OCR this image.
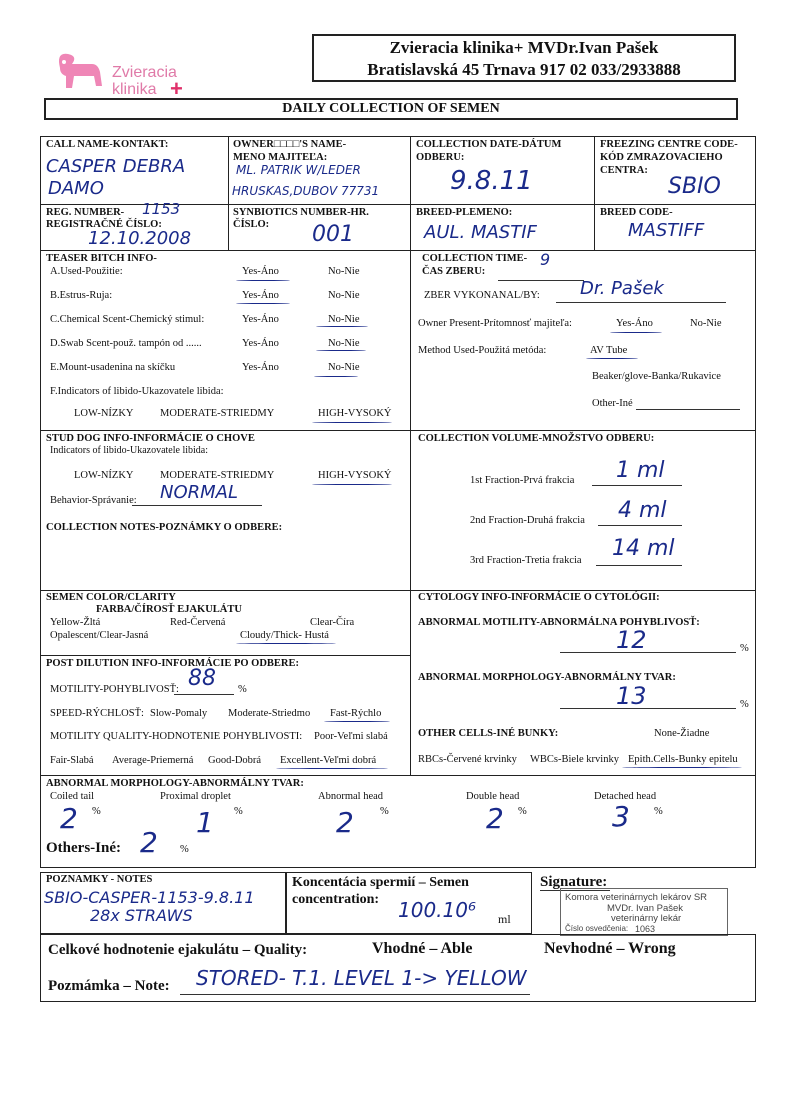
Zvieracia
klinika +
Zvieracia klinika+ MVDr.Ivan Pašek
Bratislavská 45 Trnava 917 02 033/2933888
DAILY COLLECTION OF SEMEN
CALL NAME-KONTAKT:
CASPER DEBRA
DAMO
OWNER□□□□'S NAME-
MENO MAJITEĽA:
ML. PATRIK W/LEDER
HRUSKAS,DUBOV 77731
COLLECTION DATE-DÁTUM
ODBERU:
9.8.11
FREEZING CENTRE CODE-
KÓD ZMRAZOVACIEHO
CENTRA:
SBIO
REG. NUMBER-
REGISTRAČNÉ ČÍSLO:
1153
12.10.2008
SYNBIOTICS NUMBER-HR.
ČÍSLO: 001
BREED-PLEMENO:
AUL. MASTIF
BREED CODE-
MASTIFF
TEASER BITCH INFO-
A.Used-Použitie:	Yes-Áno	No-Nie
B.Estrus-Ruja:	Yes-Áno	No-Nie
C.Chemical Scent-Chemický stimul:	Yes-Áno	No-Nie
D.Swab Scent-použ. tampón od ......	Yes-Áno	No-Nie
E.Mount-usadenina na skíčku	Yes-Áno	No-Nie
F.Indicators of libido-Ukazovatele libida:
LOW-NÍZKY	MODERATE-STRIEDMY	HIGH-VYSOKÝ
COLLECTION TIME-
ČAS ZBERU:
9
ZBER VYKONANAL/BY: Dr. Pašek
Owner Present-Prítomnosť majiteľa:	Yes-Áno	No-Nie
Method Used-Použitá metóda:	AV Tube
Beaker/glove-Banka/Rukavice
Other-Iné
STUD DOG INFO-INFORMÁCIE O CHOVE
Indicators of libido-Ukazovatele libida:
LOW-NÍZKY	MODERATE-STRIEDMY	HIGH-VYSOKÝ
Behavior-Správanie: NORMAL
COLLECTION NOTES-POZNÁMKY O ODBERE:
COLLECTION VOLUME-MNOŽSTVO ODBERU:
1st Fraction-Prvá frakcia 1 ml
2nd Fraction-Druhá frakcia 4 ml
3rd Fraction-Tretia frakcia 14 ml
SEMEN COLOR/CLARITY
FARBA/ČÍROSŤ EJAKULÁTU
Yellow-Žltá	Red-Červená	Clear-Číra
Opalescent/Clear-Jasná	Cloudy/Thick- Hustá
POST DILUTION INFO-INFORMÁCIE PO ODBERE:
MOTILITY-POHYBLIVOSŤ: 88 %
SPEED-RÝCHLOSŤ: Slow-Pomaly Moderate-Striedmo Fast-Rýchlo
MOTILITY QUALITY-HODNOTENIE POHYBLIVOSTI: Poor-Veľmi slabá
Fair-Slabá Average-Priemerná Good-Dobrá Excellent-Veľmi dobrá
CYTOLOGY INFO-INFORMÁCIE O CYTOLÓGII:
ABNORMAL MOTILITY-ABNORMÁLNA POHYBLIVOSŤ:
12	%
ABNORMAL MORPHOLOGY-ABNORMÁLNY TVAR:
13	%
OTHER CELLS-INÉ BUNKY:	None-Žiadne
RBCs-Červené krvinky WBCs-Biele krvinky Epith.Cells-Bunky epitelu
ABNORMAL MORPHOLOGY-ABNORMÁLNY TVAR:
Coiled tail	Proximal droplet	Abnormal head	Double head	Detached head
2 %	1 %	2 %	2 %	3 %
Others-Iné: 2 %
POZNAMKY - NOTES
SBIO-CASPER-1153-9.8.11
28x STRAWS
Koncentácia spermií – Semen
concentration: 100.10⁶ ml
Signature:
Komora veterinárnych lekárov SR
MVDr. Ivan Pašek
veterinárny lekár
Číslo osvedčenia: 1063
Celkové hodnotenie ejakulátu – Quality:	Vhodné – Able	Nevhodné – Wrong
Pozmámka – Note: STORED- T.1. LEVEL 1-> YELLOW
